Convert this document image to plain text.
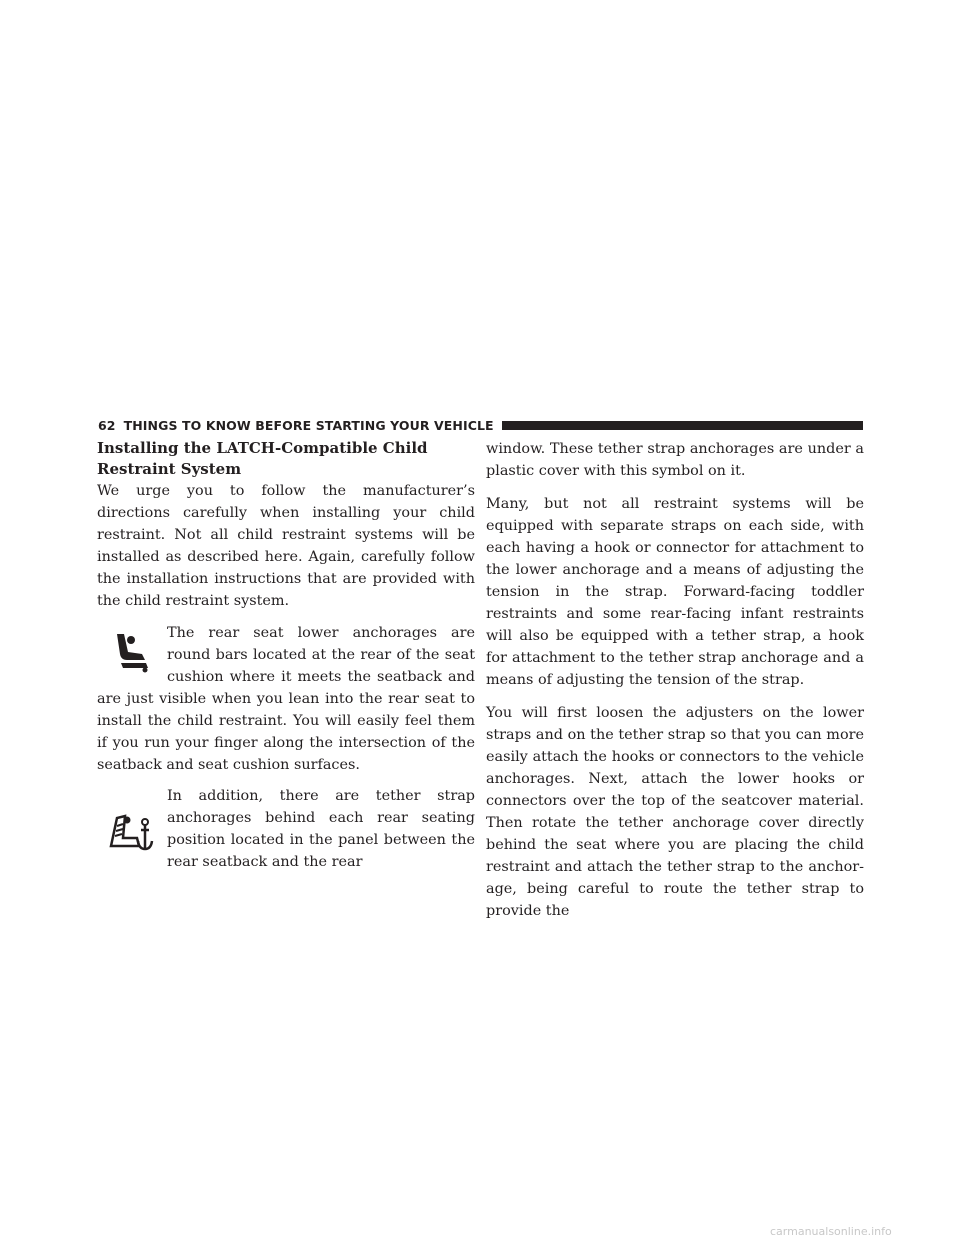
62 THINGS TO KNOW BEFORE STARTING YOUR VEHICLE
Installing the LATCH-Compatible Child Restraint System

We urge you to follow the manufacturer’s directions carefully when installing your child restraint. Not all child restraint systems will be installed as described here. Again, carefully follow the installation instructions that are provided with the child restraint system.

The rear seat lower anchorages are round bars located at the rear of the seat cushion where it meets the seatback and are just visible when you lean into the rear seat to install the child restraint. You will easily feel them if you run your finger along the intersection of the seatback and seat cushion surfaces.

In addition, there are tether strap anchorages behind each rear seating position located in the panel between the rear seatback and the rear

window. These tether strap anchorages are under a plastic cover with this symbol on it.

Many, but not all restraint systems will be equipped with separate straps on each side, with each having a hook or connector for attachment to the lower anchorage and a means of adjusting the tension in the strap. Forward-facing toddler restraints and some rear-facing infant restraints will also be equipped with a tether strap, a hook for attachment to the tether strap anchorage and a means of adjusting the tension of the strap.

You will first loosen the adjusters on the lower straps and on the tether strap so that you can more easily attach the hooks or connectors to the vehicle anchorages. Next, attach the lower hooks or connectors over the top of the seatcover material. Then rotate the tether anchorage cover directly behind the seat where you are placing the child restraint and attach the tether strap to the anchor-age, being careful to route the tether strap to provide the

carmanualsonline.info
